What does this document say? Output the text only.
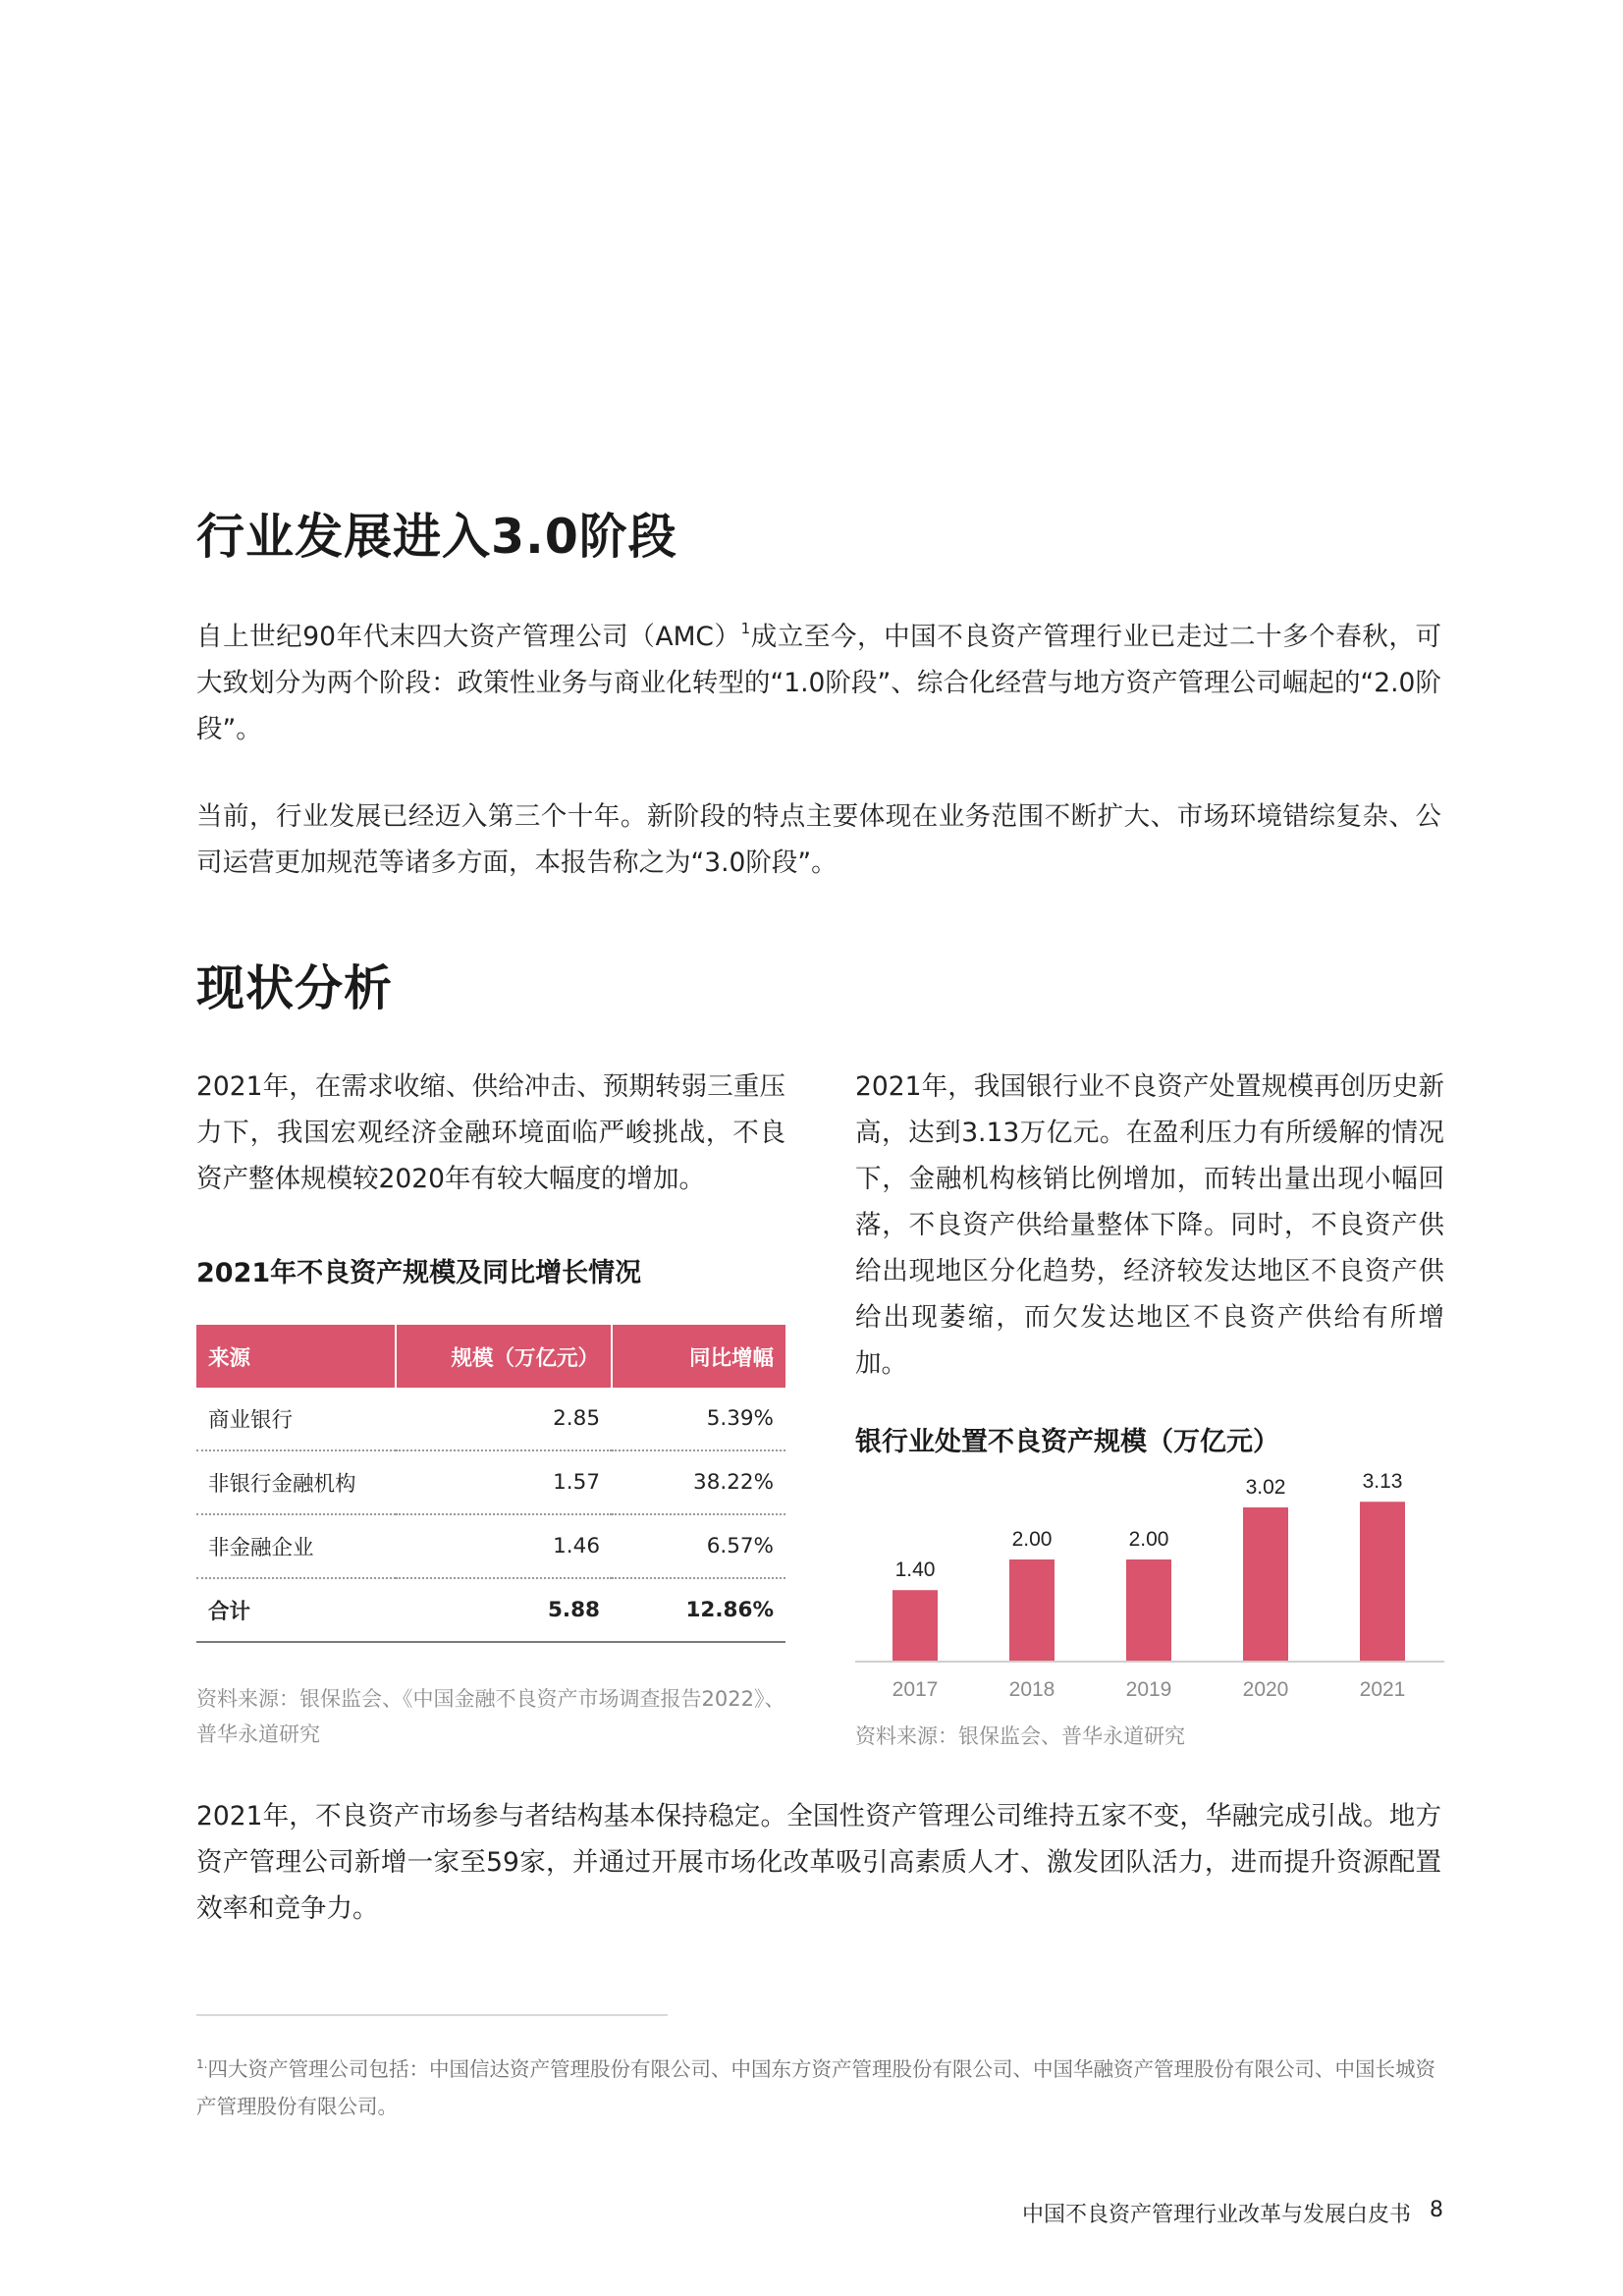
行业发展进入3.0阶段
自上世纪90年代末四大资产管理公司（AMC）$^1$成立至今，中国不良资产管理行业已走过二十多个春秋，可大致划分为两个阶段：政策性业务与商业化转型的“1.0阶段”、综合化经营与地方资产管理公司崛起的“2.0阶段”。
当前，行业发展已经迈入第三个十年。新阶段的特点主要体现在业务范围不断扩大、市场环境错综复杂、公司运营更加规范等诸多方面，本报告称之为“3.0阶段”。
现状分析
2021年，在需求收缩、供给冲击、预期转弱三重压力下，我国宏观经济金融环境面临严峻挑战，不良资产整体规模较2020年有较大幅度的增加。
2021年，我国银行业不良资产处置规模再创历史新高，达到3.13万亿元。在盈利压力有所缓解的情况下，金融机构核销比例增加，而转出量出现小幅回落，不良资产供给量整体下降。同时，不良资产供给出现地区分化趋势，经济较发达地区不良资产供给出现萎缩，而欠发达地区不良资产供给有所增加。
2021年不良资产规模及同比增长情况
来源	规模（万亿元）	同比增幅
商业银行	2.85	5.39%
非银行金融机构	1.57	38.22%
非金融企业	1.46	6.57%
合计	5.88	12.86%
资料来源：银保监会、《中国金融不良资产市场调查报告2022》、普华永道研究
银行业处置不良资产规模（万亿元）
1.40
2017
2.00
2018
2.00
2019
3.02
2020
3.13
2021
资料来源：银保监会、普华永道研究
2021年，不良资产市场参与者结构基本保持稳定。全国性资产管理公司维持五家不变，华融完成引战。地方资产管理公司新增一家至59家，并通过开展市场化改革吸引高素质人才、激发团队活力，进而提升资源配置效率和竞争力。
$^{1.}$四大资产管理公司包括：中国信达资产管理股份有限公司、中国东方资产管理股份有限公司、中国华融资产管理股份有限公司、中国长城资产管理股份有限公司。
中国不良资产管理行业改革与发展白皮书 8
